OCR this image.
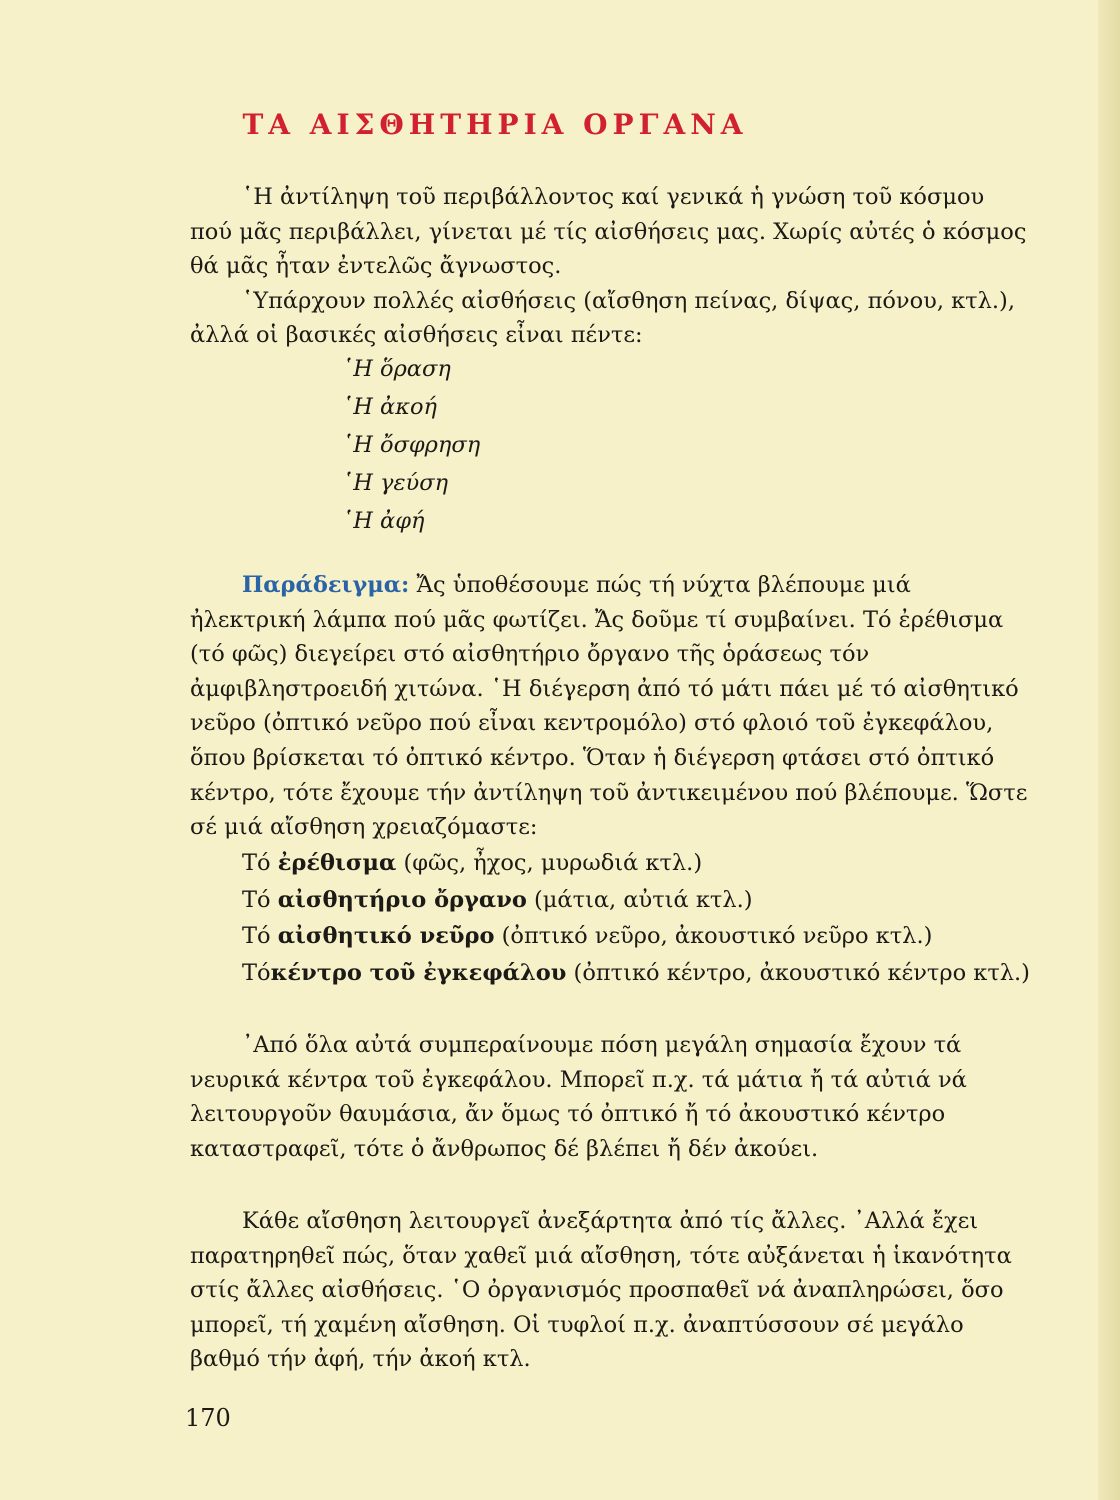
ΤΑ ΑΙΣΘΗΤΗΡΙΑ ΟΡΓΑΝΑ

῾Η ἀντίληψη τοῦ περιβάλλοντος καί γενικά ἡ γνώση τοῦ κόσμου πού μᾶς περιβάλλει, γίνεται μέ τίς αἰσθήσεις μας. Χωρίς αὐτές ὁ κόσμος θά μᾶς ἦταν ἐντελῶς ἄγνωστος.

῾Υπάρχουν πολλές αἰσθήσεις (αἴσθηση πείνας, δίψας, πόνου, κτλ.), ἀλλά οἱ βασικές αἰσθήσεις εἶναι πέντε:

῾Η ὅραση
῾Η ἀκοή
῾Η ὄσφρηση
῾Η γεύση
῾Η ἀφή

Παράδειγμα: Ἄς ὑποθέσουμε πώς τή νύχτα βλέπουμε μιά ἠλεκτρική λάμπα πού μᾶς φωτίζει. Ἄς δοῦμε τί συμβαίνει. Τό ἐρέθισμα (τό φῶς) διεγείρει στό αἰσθητήριο ὄργανο τῆς ὁράσεως τόν ἀμφιβληστροειδή χιτώνα. ῾Η διέγερση ἀπό τό μάτι πάει μέ τό αἰσθητικό νεῦρο (ὀπτικό νεῦρο πού εἶναι κεντρομόλο) στό φλοιό τοῦ ἐγκεφάλου, ὅπου βρίσκεται τό ὀπτικό κέντρο. Ὅταν ἡ διέγερση φτάσει στό ὀπτικό κέντρο, τότε ἔχουμε τήν ἀντίληψη τοῦ ἀντικειμένου πού βλέπουμε. Ὥστε σέ μιά αἴσθηση χρειαζόμαστε:

Τό ἐρέθισμα (φῶς, ἦχος, μυρωδιά κτλ.)
Τό αἰσθητήριο ὄργανο (μάτια, αὐτιά κτλ.)
Τό αἰσθητικό νεῦρο (ὀπτικό νεῦρο, ἀκουστικό νεῦρο κτλ.)
Τόκέντρο τοῦ ἐγκεφάλου (ὀπτικό κέντρο, ἀκουστικό κέντρο κτλ.)

᾿Από ὅλα αὐτά συμπεραίνουμε πόση μεγάλη σημασία ἔχουν τά νευρικά κέντρα τοῦ ἐγκεφάλου. Μπορεῖ π.χ. τά μάτια ἤ τά αὐτιά νά λειτουργοῦν θαυμάσια, ἄν ὅμως τό ὀπτικό ἤ τό ἀκουστικό κέντρο καταστραφεῖ, τότε ὁ ἄνθρωπος δέ βλέπει ἤ δέν ἀκούει.

Κάθε αἴσθηση λειτουργεῖ ἀνεξάρτητα ἀπό τίς ἄλλες. ᾿Αλλά ἔχει παρατηρηθεῖ πώς, ὅταν χαθεῖ μιά αἴσθηση, τότε αὐξάνεται ἡ ἱκανότητα στίς ἄλλες αἰσθήσεις. ῾Ο ὀργανισμός προσπαθεῖ νά ἀναπληρώσει, ὅσο μπορεῖ, τή χαμένη αἴσθηση. Οἱ τυφλοί π.χ. ἀναπτύσσουν σέ μεγάλο βαθμό τήν ἀφή, τήν ἀκοή κτλ.

170
